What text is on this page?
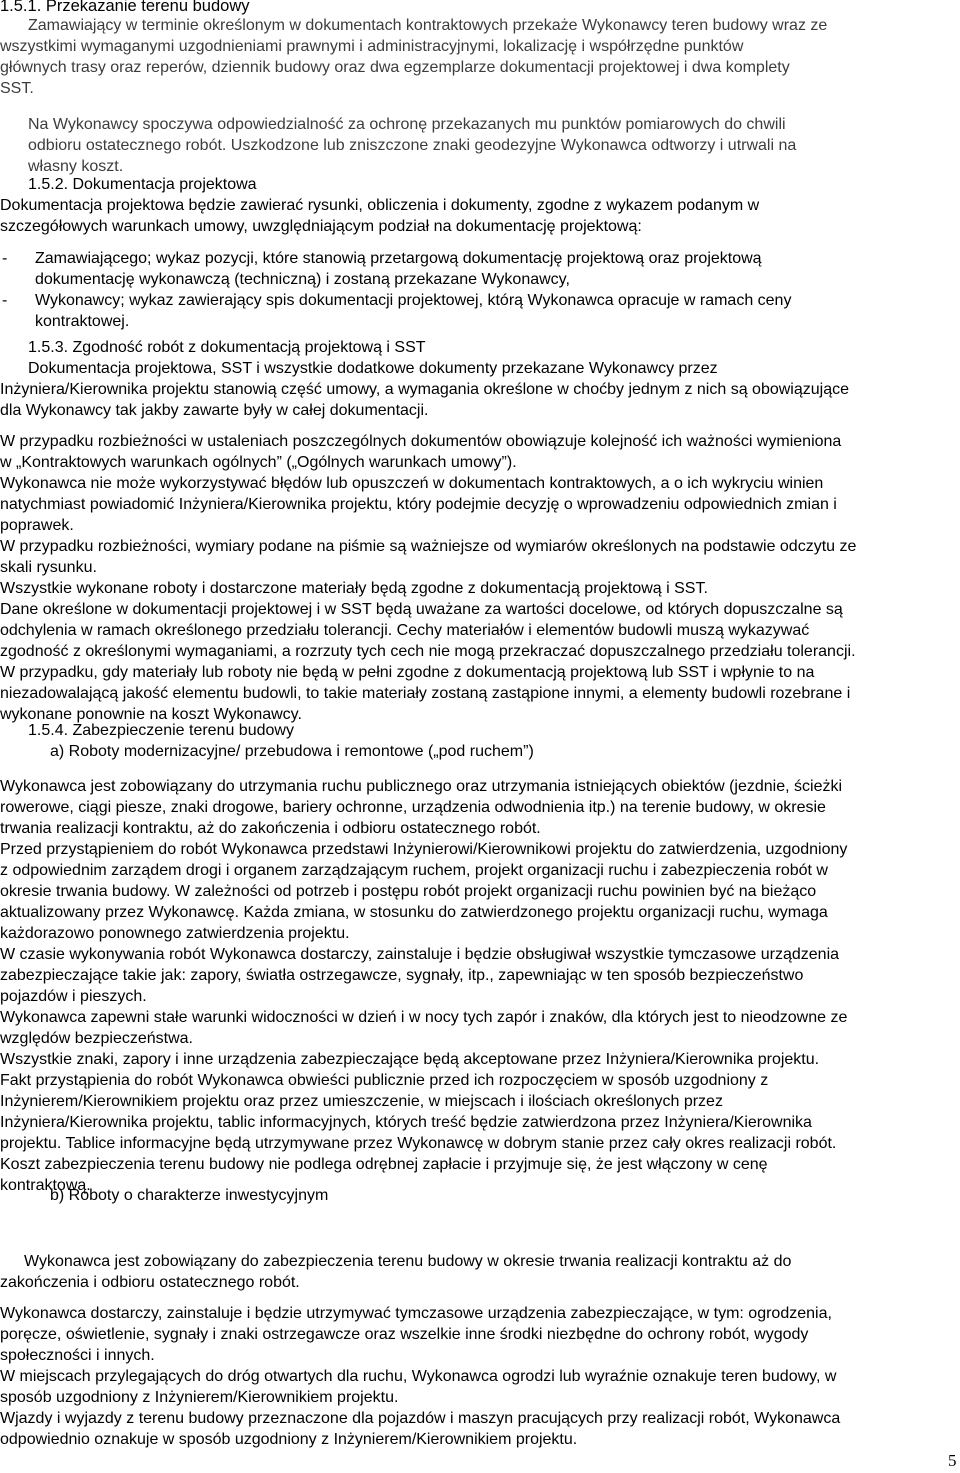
1.5.1. Przekazanie terenu budowy
Zamawiający w terminie określonym w dokumentach kontraktowych przekaże Wykonawcy teren budowy wraz ze
wszystkimi wymaganymi uzgodnieniami prawnymi i administracyjnymi, lokalizację i współrzędne punktów
głównych trasy oraz reperów, dziennik budowy oraz dwa egzemplarze dokumentacji projektowej i dwa komplety
SST.
Na Wykonawcy spoczywa odpowiedzialność za ochronę przekazanych mu punktów pomiarowych do chwili
odbioru ostatecznego robót. Uszkodzone lub zniszczone znaki geodezyjne Wykonawca odtworzy i utrwali na
własny koszt.
1.5.2. Dokumentacja projektowa
Dokumentacja projektowa będzie zawierać rysunki, obliczenia i dokumenty, zgodne z wykazem podanym w
szczegółowych warunkach umowy, uwzględniającym podział na dokumentację projektową:
- Zamawiającego; wykaz pozycji, które stanowią przetargową dokumentację projektową oraz projektową
dokumentację wykonawczą (techniczną) i zostaną przekazane Wykonawcy,
- Wykonawcy; wykaz zawierający spis dokumentacji projektowej, którą Wykonawca opracuje w ramach ceny
kontraktowej.
1.5.3. Zgodność robót z dokumentacją projektową i SST
Dokumentacja projektowa, SST i wszystkie dodatkowe dokumenty przekazane Wykonawcy przez
Inżyniera/Kierownika projektu stanowią część umowy, a wymagania określone w choćby jednym z nich są obowiązujące
dla Wykonawcy tak jakby zawarte były w całej dokumentacji.
W przypadku rozbieżności w ustaleniach poszczególnych dokumentów obowiązuje kolejność ich ważności wymieniona
w „Kontraktowych warunkach ogólnych” („Ogólnych warunkach umowy”).
Wykonawca nie może wykorzystywać błędów lub opuszczeń w dokumentach kontraktowych, a o ich wykryciu winien
natychmiast powiadomić Inżyniera/Kierownika projektu, który podejmie decyzję o wprowadzeniu odpowiednich zmian i
poprawek.
W przypadku rozbieżności, wymiary podane na piśmie są ważniejsze od wymiarów określonych na podstawie odczytu ze
skali rysunku.
Wszystkie wykonane roboty i dostarczone materiały będą zgodne z dokumentacją projektową i SST.
Dane określone w dokumentacji projektowej i w SST będą uważane za wartości docelowe, od których dopuszczalne są
odchylenia w ramach określonego przedziału tolerancji. Cechy materiałów i elementów budowli muszą wykazywać
zgodność z określonymi wymaganiami, a rozrzuty tych cech nie mogą przekraczać dopuszczalnego przedziału tolerancji.
W przypadku, gdy materiały lub roboty nie będą w pełni zgodne z dokumentacją projektową lub SST i wpłynie to na
niezadowalającą jakość elementu budowli, to takie materiały zostaną zastąpione innymi, a elementy budowli rozebrane i
wykonane ponownie na koszt Wykonawcy.
1.5.4. Zabezpieczenie terenu budowy
a) Roboty modernizacyjne/ przebudowa i remontowe („pod ruchem”)
Wykonawca jest zobowiązany do utrzymania ruchu publicznego oraz utrzymania istniejących obiektów (jezdnie, ścieżki
rowerowe, ciągi piesze, znaki drogowe, bariery ochronne, urządzenia odwodnienia itp.) na terenie budowy, w okresie
trwania realizacji kontraktu, aż do zakończenia i odbioru ostatecznego robót.
Przed przystąpieniem do robót Wykonawca przedstawi Inżynierowi/Kierownikowi projektu do zatwierdzenia, uzgodniony
z odpowiednim zarządem drogi i organem zarządzającym ruchem, projekt organizacji ruchu i zabezpieczenia robót w
okresie trwania budowy. W zależności od potrzeb i postępu robót projekt organizacji ruchu powinien być na bieżąco
aktualizowany przez Wykonawcę. Każda zmiana, w stosunku do zatwierdzonego projektu organizacji ruchu, wymaga
każdorazowo ponownego zatwierdzenia projektu.
W czasie wykonywania robót Wykonawca dostarczy, zainstaluje i będzie obsługiwał wszystkie tymczasowe urządzenia
zabezpieczające takie jak: zapory, światła ostrzegawcze, sygnały, itp., zapewniając w ten sposób bezpieczeństwo
pojazdów i pieszych.
Wykonawca zapewni stałe warunki widoczności w dzień i w nocy tych zapór i znaków, dla których jest to nieodzowne ze
względów bezpieczeństwa.
Wszystkie znaki, zapory i inne urządzenia zabezpieczające będą akceptowane przez Inżyniera/Kierownika projektu.
Fakt przystąpienia do robót Wykonawca obwieści publicznie przed ich rozpoczęciem w sposób uzgodniony z
Inżynierem/Kierownikiem projektu oraz przez umieszczenie, w miejscach i ilościach określonych przez
Inżyniera/Kierownika projektu, tablic informacyjnych, których treść będzie zatwierdzona przez Inżyniera/Kierownika
projektu. Tablice informacyjne będą utrzymywane przez Wykonawcę w dobrym stanie przez cały okres realizacji robót.
Koszt zabezpieczenia terenu budowy nie podlega odrębnej zapłacie i przyjmuje się, że jest włączony w cenę
kontraktową.
b) Roboty o charakterze inwestycyjnym
Wykonawca jest zobowiązany do zabezpieczenia terenu budowy w okresie trwania realizacji kontraktu aż do
zakończenia i odbioru ostatecznego robót.
Wykonawca dostarczy, zainstaluje i będzie utrzymywać tymczasowe urządzenia zabezpieczające, w tym: ogrodzenia,
poręcze, oświetlenie, sygnały i znaki ostrzegawcze oraz wszelkie inne środki niezbędne do ochrony robót, wygody
społeczności i innych.
W miejscach przylegających do dróg otwartych dla ruchu, Wykonawca ogrodzi lub wyraźnie oznakuje teren budowy, w
sposób uzgodniony z Inżynierem/Kierownikiem projektu.
Wjazdy i wyjazdy z terenu budowy przeznaczone dla pojazdów i maszyn pracujących przy realizacji robót, Wykonawca
odpowiednio oznakuje w sposób uzgodniony z Inżynierem/Kierownikiem projektu.
5
